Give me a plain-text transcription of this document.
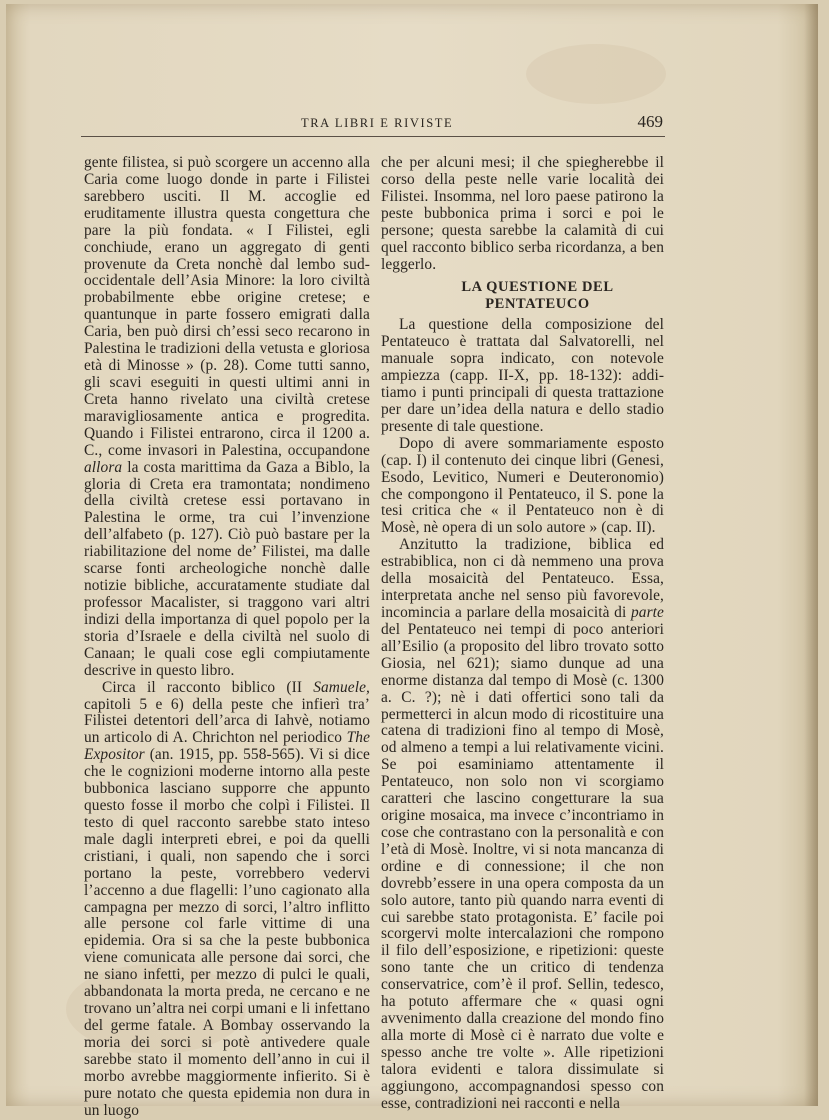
TRA LIBRI E RIVISTE	469

gente filistea, si può scorgere un accenno alla Caria come luogo donde in parte i Filistei sarebbero usciti. Il M. accoglie ed eruditamente illustra questa congettura che pare la più fondata. « I Filistei, egli conchiude, erano un aggregato di genti provenute da Creta nonchè dal lembo sud-occidentale dell’Asia Minore: la loro civiltà probabilmente ebbe origine cretese; e quantunque in parte fossero emigrati dalla Caria, ben può dirsi ch’essi seco recarono in Palestina le tradizioni della vetusta e gloriosa età di Minosse » (p. 28). Come tutti sanno, gli scavi eseguiti in questi ultimi anni in Creta hanno rivelato una civiltà cretese maravigliosamente antica e progredita. Quando i Filistei entrarono, circa il 1200 a. C., come invasori in Palestina, occupandone allora la costa marittima da Gaza a Biblo, la gloria di Creta era tramontata; nondimeno della civiltà cretese essi portavano in Palestina le orme, tra cui l’invenzione dell’alfabeto (p. 127). Ciò può bastare per la riabilitazione del nome de’ Filistei, ma dalle scarse fonti archeologiche nonchè dalle notizie bibliche, accuratamente studiate dal professor Macalister, si traggono vari altri indizi della importanza di quel popolo per la storia d’Israele e della civiltà nel suolo di Canaan; le quali cose egli compiutamente descrive in questo libro.

Circa il racconto biblico (II Samuele, capitoli 5 e 6) della peste che infierì tra’ Filistei detentori dell’arca di Iahvè, notiamo un articolo di A. Chrichton nel periodico The Expositor (an. 1915, pp. 558-565). Vi si dice che le cognizioni moderne intorno alla peste bubbonica lasciano supporre che appunto questo fosse il morbo che colpì i Filistei. Il testo di quel racconto sarebbe stato inteso male dagli interpreti ebrei, e poi da quelli cristiani, i quali, non sapendo che i sorci portano la peste, vorrebbero vedervi l’accenno a due flagelli: l’uno cagionato alla campagna per mezzo di sorci, l’altro inflitto alle persone col farle vittime di una epidemia. Ora si sa che la peste bubbonica viene comunicata alle persone dai sorci, che ne siano infetti, per mezzo di pulci le quali, abbandonata la morta preda, ne cercano e ne trovano un’altra nei corpi umani e li infettano del germe fatale. A Bombay osservando la moria dei sorci si potè antivedere quale sarebbe stato il momento dell’anno in cui il morbo avrebbe maggiormente infierito. Si è pure notato che questa epidemia non dura in un luogo

che per alcuni mesi; il che spiegherebbe il corso della peste nelle varie località dei Filistei. Insomma, nel loro paese patirono la peste bubbonica prima i sorci e poi le persone; questa sarebbe la calamità di cui quel racconto biblico serba ricordanza, a ben leggerlo.

LA QUESTIONE DEL PENTATEUCO

La questione della composizione del Pentateuco è trattata dal Salvatorelli, nel manuale sopra indicato, con notevole ampiezza (capp. II-X, pp. 18-132): additiamo i punti principali di questa trattazione per dare un’idea della natura e dello stadio presente di tale questione.

Dopo di avere sommariamente esposto (cap. I) il contenuto dei cinque libri (Genesi, Esodo, Levitico, Numeri e Deuteronomio) che compongono il Pentateuco, il S. pone la tesi critica che « il Pentateuco non è di Mosè, nè opera di un solo autore » (cap. II).

Anzitutto la tradizione, biblica ed estrabiblica, non ci dà nemmeno una prova della mosaicità del Pentateuco. Essa, interpretata anche nel senso più favorevole, incomincia a parlare della mosaicità di parte del Pentateuco nei tempi di poco anteriori all’Esilio (a proposito del libro trovato sotto Giosia, nel 621); siamo dunque ad una enorme distanza dal tempo di Mosè (c. 1300 a. C. ?); nè i dati offertici sono tali da permetterci in alcun modo di ricostituire una catena di tradizioni fino al tempo di Mosè, od almeno a tempi a lui relativamente vicini. Se poi esaminiamo attentamente il Pentateuco, non solo non vi scorgiamo caratteri che lascino congetturare la sua origine mosaica, ma invece c’incontriamo in cose che contrastano con la personalità e con l’età di Mosè. Inoltre, vi si nota mancanza di ordine e di connessione; il che non dovrebb’essere in una opera composta da un solo autore, tanto più quando narra eventi di cui sarebbe stato protagonista. E’ facile poi scorgervi molte intercalazioni che rompono il filo dell’esposizione, e ripetizioni: queste sono tante che un critico di tendenza conservatrice, com’è il prof. Sellin, tedesco, ha potuto affermare che « quasi ogni avvenimento dalla creazione del mondo fino alla morte di Mosè ci è narrato due volte e spesso anche tre volte ». Alle ripetizioni talora evidenti e talora dissimulate si aggiungono, accompagnandosi spesso con esse, contradizioni nei racconti e nella
